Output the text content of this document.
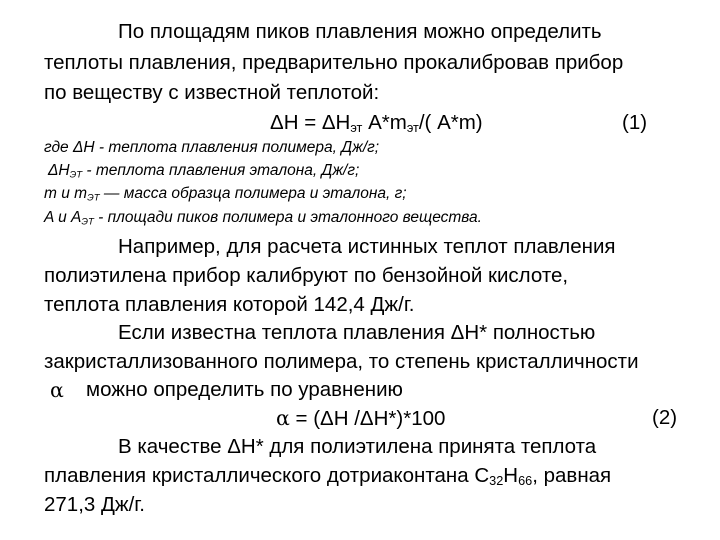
По площадям пиков плавления можно определить
теплоты плавления, предварительно прокалибровав прибор
по веществу с известной теплотой:
$\Delta H = \Delta H_{эт}$ $A*m_{эт}/$( A*m)	(1)
где ΔH - теплота плавления полимера, Дж/г;
$\Delta H_{ЭТ}$ - теплота плавления эталона, Дж/г;
m и $m_{ЭТ}$ — масса образца полимера и эталона, г;
A и $A_{ЭТ}$ - площади пиков полимера и эталонного вещества.
Например, для расчета истинных теплот плавления
полиэтилена прибор калибруют по бензойной кислоте,
теплота плавления которой 142,4 Дж/г.
Если известна теплота плавления ΔH* полностью
закристаллизованного полимера, то степень кристалличности
α можно определить по уравнению
α = (ΔH /ΔH*)*100	(2)
В качестве ΔH* для полиэтилена принята теплота
плавления кристаллического дотриаконтана $C_{32}H_{66}$, равная
271,3 Дж/г.
